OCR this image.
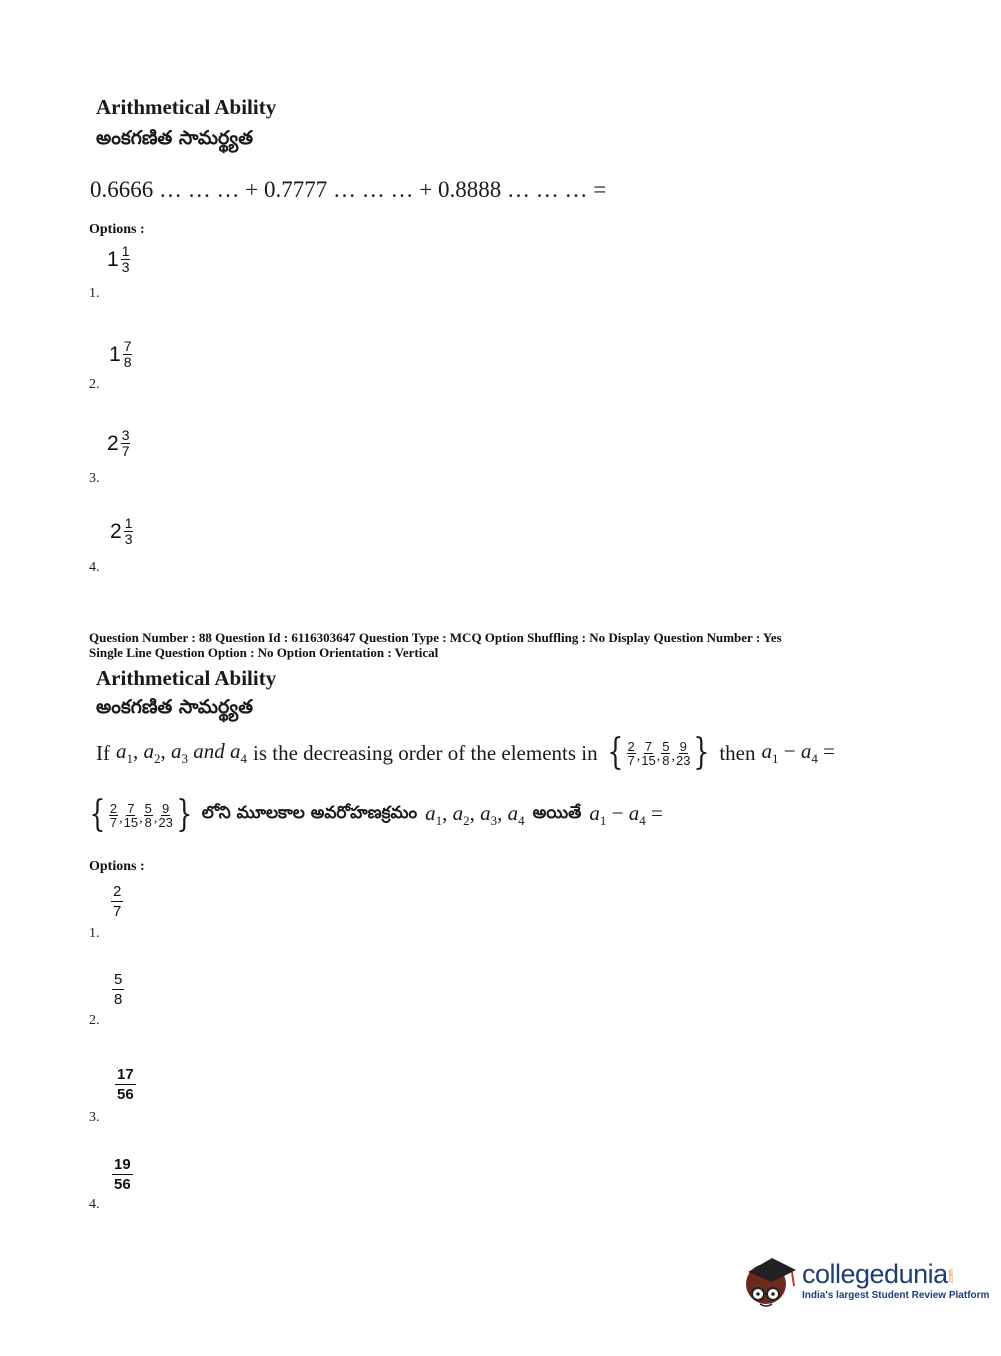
Arithmetical Ability
అంకగణిత సామర్థ్యత
0.6666 … … … + 0.7777 … … … + 0.8888 … … … =
Options :
$1 \frac{1}{3}$
1.
$1 \frac{7}{8}$
2.
$2 \frac{3}{7}$
3.
$2 \frac{1}{3}$
4.
Question Number : 88 Question Id : 6116303647 Question Type : MCQ Option Shuffling : No Display Question Number : Yes
Single Line Question Option : No Option Orientation : Vertical
Arithmetical Ability
అంకగణిత సామర్థ్యత
If $a_1$, $a_2$, $a_3$ and $a_4$ is the decreasing order of the elements in { $\frac{2}{7}$ , $\frac{7}{15}$ , $\frac{5}{8}$ , $\frac{9}{23}$ } then $a_1 - a_4$ =
{ $\frac{2}{7}$ , $\frac{7}{15}$ , $\frac{5}{8}$ , $\frac{9}{23}$ } లోని మూలకాల అవరోహణక్రమం $a_1$, $a_2$, $a_3$, $a_4$ అయితే $a_1 - a_4$ =
Options :
$\frac{2}{7}$
1.
$\frac{5}{8}$
2.
$\frac{17}{56}$
3.
$\frac{19}{56}$
4.
collegedunia .com
India's largest Student Review Platform
